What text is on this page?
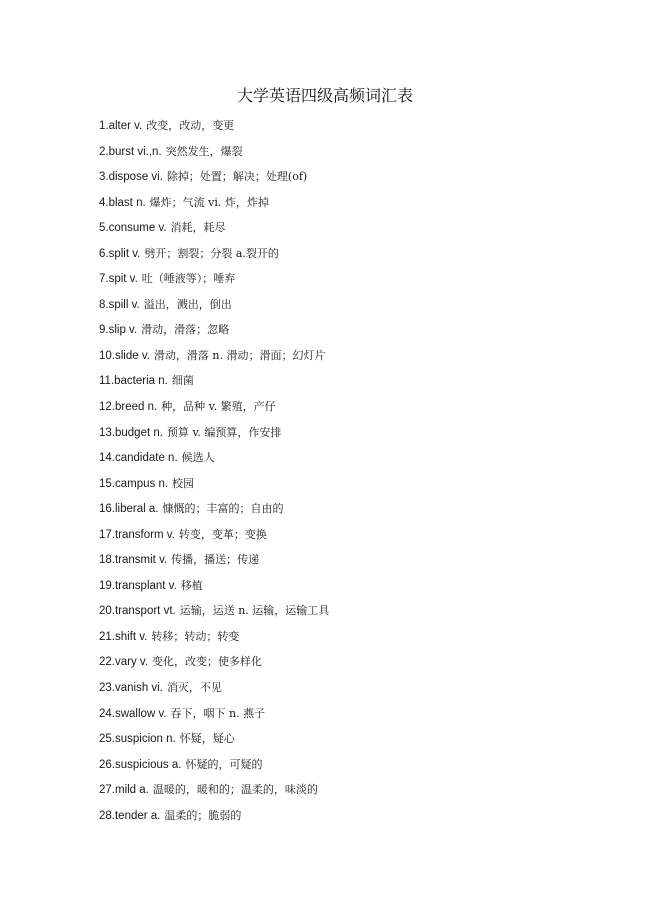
大学英语四级高频词汇表
1.alter v. 改变，改动，变更
2.burst vi.,n. 突然发生，爆裂
3.dispose vi. 除掉；处置；解决；处理(of)
4.blast n. 爆炸；气流 vi. 炸，炸掉
5.consume v. 消耗，耗尽
6.split v. 劈开；割裂；分裂 a.裂开的
7.spit v. 吐（唾液等）；唾弃
8.spill v. 溢出，溅出，倒出
9.slip v. 滑动，滑落；忽略
10.slide v. 滑动，滑落 n. 滑动；滑面；幻灯片
11.bacteria n. 细菌
12.breed n. 种，品种 v. 繁殖，产仔
13.budget n. 预算 v. 编预算，作安排
14.candidate n. 候选人
15.campus n. 校园
16.liberal a. 慷慨的；丰富的；自由的
17.transform v. 转变，变革；变换
18.transmit v. 传播，播送；传递
19.transplant v. 移植
20.transport vt. 运输，运送 n. 运输，运输工具
21.shift v. 转移；转动；转变
22.vary v. 变化，改变；使多样化
23.vanish vi. 消灭，不见
24.swallow v. 吞下，咽下 n. 燕子
25.suspicion n. 怀疑，疑心
26.suspicious a. 怀疑的，可疑的
27.mild a. 温暖的，暖和的；温柔的，味淡的
28.tender a. 温柔的；脆弱的
